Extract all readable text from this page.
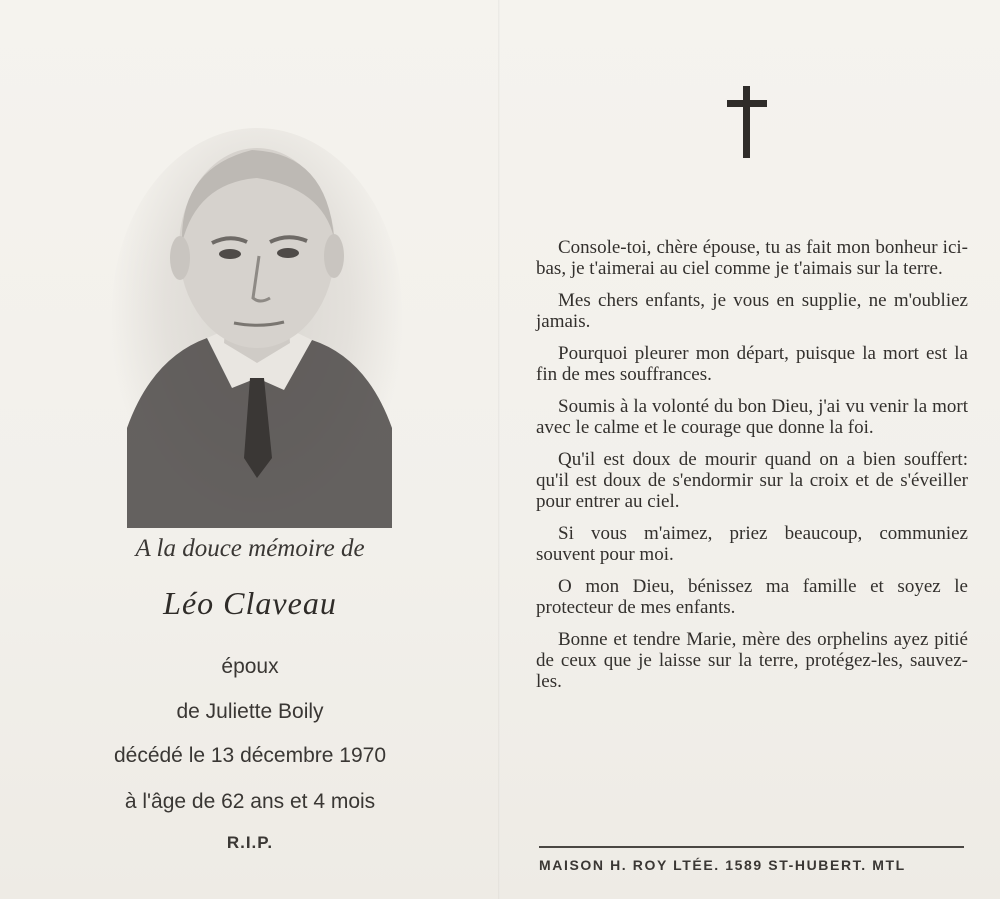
A la douce mémoire de
Léo Claveau
époux
de Juliette Boily
décédé le 13 décembre 1970
à l'âge de 62 ans et 4 mois
R.I.P.

Console-toi, chère épouse, tu as fait mon bonheur ici-bas, je t'aimerai au ciel comme je t'aimais sur la terre.

Mes chers enfants, je vous en supplie, ne m'oubliez jamais.

Pourquoi pleurer mon départ, puisque la mort est la fin de mes souffrances.

Soumis à la volonté du bon Dieu, j'ai vu venir la mort avec le calme et le courage que donne la foi.

Qu'il est doux de mourir quand on a bien souffert: qu'il est doux de s'endormir sur la croix et de s'éveiller pour entrer au ciel.

Si vous m'aimez, priez beaucoup, communiez souvent pour moi.

O mon Dieu, bénissez ma famille et soyez le protecteur de mes enfants.

Bonne et tendre Marie, mère des orphelins ayez pitié de ceux que je laisse sur la terre, protégez-les, sauvez-les.

MAISON H. ROY LTÉE. 1589 ST-HUBERT. MTL
